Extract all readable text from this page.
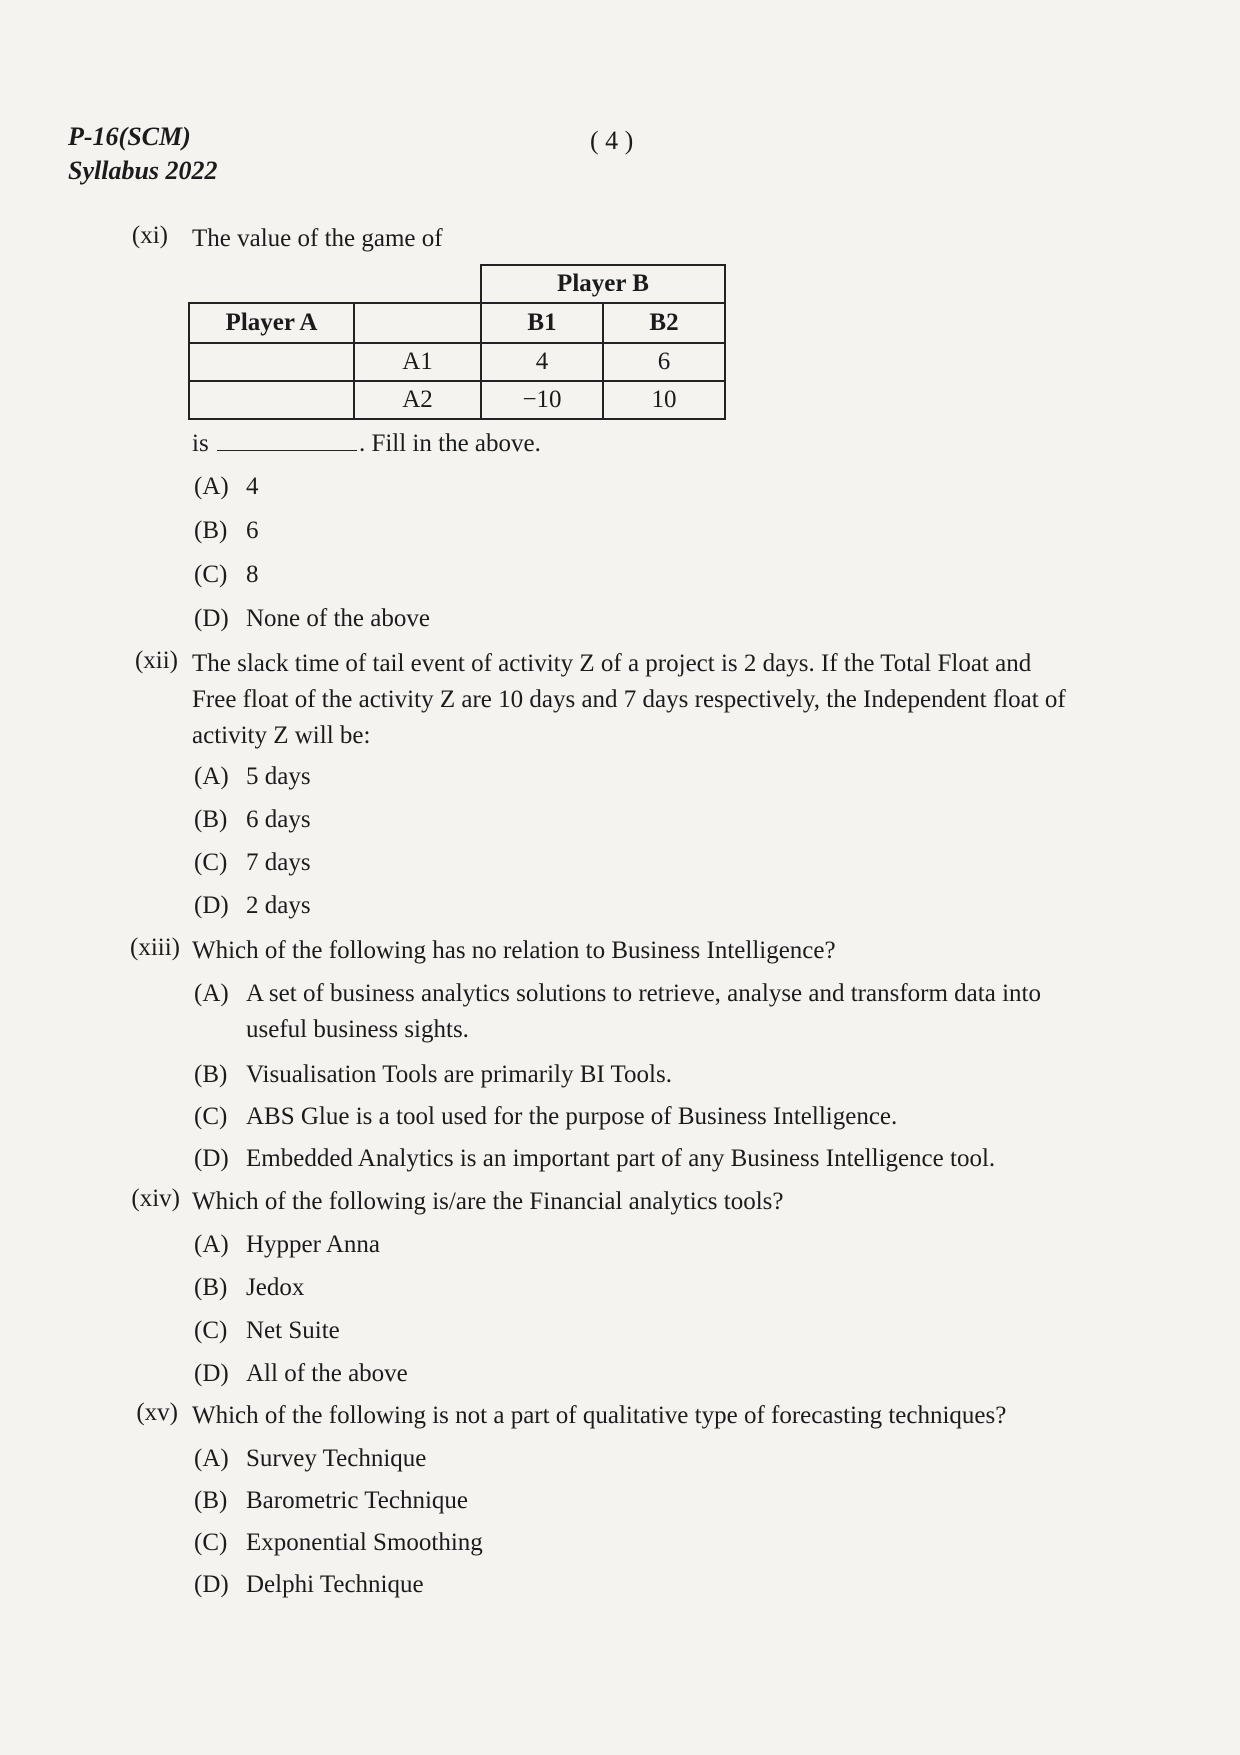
P-16(SCM)
Syllabus 2022
( 4 )
(xi) The value of the game of
		Player B	
Player A		B1	B2
	A1	4	6
	A2	−10	10
is	. Fill in the above.
(A) 4
(B) 6
(C) 8
(D) None of the above
(xii) The slack time of tail event of activity Z of a project is 2 days. If the Total Float and
Free float of the activity Z are 10 days and 7 days respectively, the Independent float of
activity Z will be:
(A) 5 days
(B) 6 days
(C) 7 days
(D) 2 days
(xiii) Which of the following has no relation to Business Intelligence?
(A) A set of business analytics solutions to retrieve, analyse and transform data into
useful business sights.
(B) Visualisation Tools are primarily BI Tools.
(C) ABS Glue is a tool used for the purpose of Business Intelligence.
(D) Embedded Analytics is an important part of any Business Intelligence tool.
(xiv) Which of the following is/are the Financial analytics tools?
(A) Hypper Anna
(B) Jedox
(C) Net Suite
(D) All of the above
(xv) Which of the following is not a part of qualitative type of forecasting techniques?
(A) Survey Technique
(B) Barometric Technique
(C) Exponential Smoothing
(D) Delphi Technique
